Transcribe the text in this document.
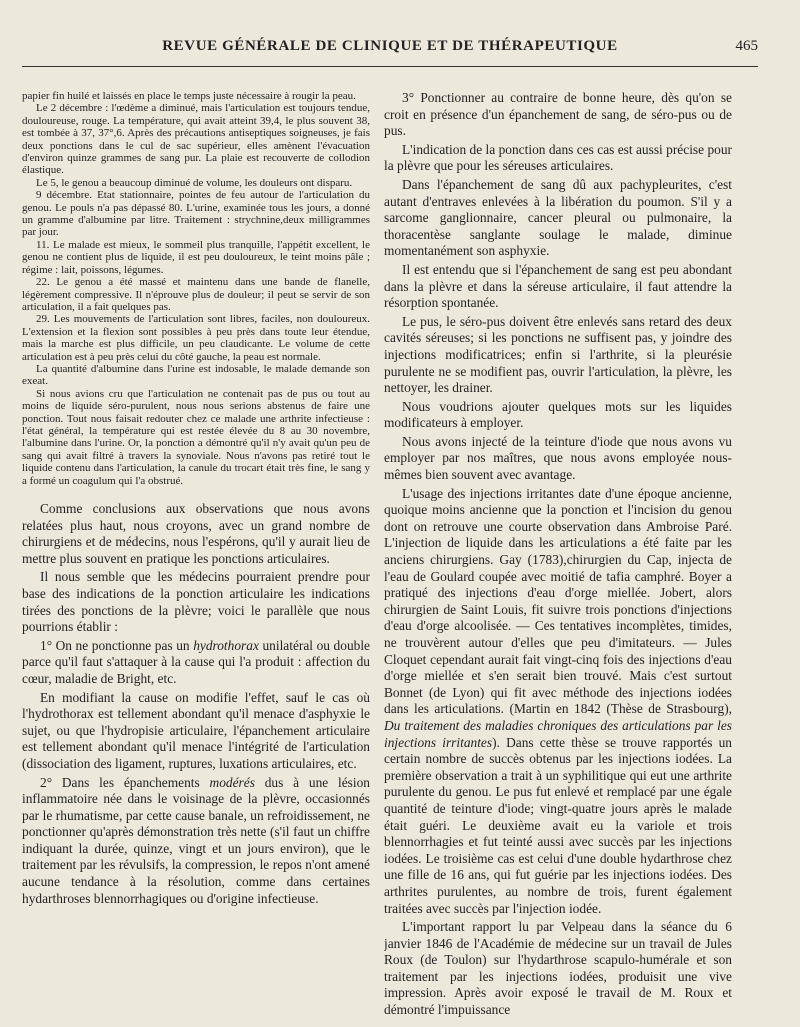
REVUE GÉNÉRALE DE CLINIQUE ET DE THÉRAPEUTIQUE	465

papier fin huilé et laissés en place le temps juste nécessaire à rougir la peau.

Le 2 décembre : l'œdème a diminué, mais l'articulation est toujours tendue, douloureuse, rouge. La température, qui avait atteint 39,4, le plus souvent 38, est tombée à 37, 37°,6. Après des précautions antiseptiques soigneuses, je fais deux ponctions dans le cul de sac supérieur, elles amènent l'évacuation d'environ quinze grammes de sang pur. La plaie est recouverte de collodion élastique.

Le 5, le genou a beaucoup diminué de volume, les douleurs ont disparu.

9 décembre. Etat stationnaire, pointes de feu autour de l'articulation du genou. Le pouls n'a pas dépassé 80. L'urine, examinée tous les jours, a donné un gramme d'albumine par litre. Traitement : strychnine,deux milligrammes par jour.

11. Le malade est mieux, le sommeil plus tranquille, l'appétit excellent, le genou ne contient plus de liquide, il est peu douloureux, le teint moins pâle ; régime : lait, poissons, légumes.

22. Le genou a été massé et maintenu dans une bande de flanelle, légèrement compressive. Il n'éprouve plus de douleur; il peut se servir de son articulation, il a fait quelques pas.

29. Les mouvements de l'articulation sont libres, faciles, non douloureux. L'extension et la flexion sont possibles à peu près dans toute leur étendue, mais la marche est plus difficile, un peu claudicante. Le volume de cette articulation est à peu près celui du côté gauche, la peau est normale.

La quantité d'albumine dans l'urine est indosable, le malade demande son exeat.

Si nous avions cru que l'articulation ne contenait pas de pus ou tout au moins de liquide séro-purulent, nous nous serions abstenus de faire une ponction. Tout nous faisait redouter chez ce malade une arthrite infectieuse : l'état général, la température qui est restée élevée du 8 au 30 novembre, l'albumine dans l'urine. Or, la ponction a démontré qu'il n'y avait qu'un peu de sang qui avait filtré à travers la synoviale. Nous n'avons pas retiré tout le liquide contenu dans l'articulation, la canule du trocart était très fine, le sang y a formé un coagulum qui l'a obstrué.

Comme conclusions aux observations que nous avons relatées plus haut, nous croyons, avec un grand nombre de chirurgiens et de médecins, nous l'espérons, qu'il y aurait lieu de mettre plus souvent en pratique les ponctions articulaires.

Il nous semble que les médecins pourraient prendre pour base des indications de la ponction articulaire les indications tirées des ponctions de la plèvre; voici le parallèle que nous pourrions établir :

1° On ne ponctionne pas un hydrothorax unilatéral ou double parce qu'il faut s'attaquer à la cause qui l'a produit : affection du cœur, maladie de Bright, etc.

En modifiant la cause on modifie l'effet, sauf le cas où l'hydrothorax est tellement abondant qu'il menace d'asphyxie le sujet, ou que l'hydropisie articulaire, l'épanchement articulaire est tellement abondant qu'il menace l'intégrité de l'articulation (dissociation des ligament, ruptures, luxations articulaires, etc.

2° Dans les épanchements modérés dus à une lésion inflammatoire née dans le voisinage de la plèvre, occasionnés par le rhumatisme, par cette cause banale, un refroidissement, ne ponctionner qu'après démonstration très nette (s'il faut un chiffre indiquant la durée, quinze, vingt et un jours environ), que le traitement par les révulsifs, la compression, le repos n'ont amené aucune tendance à la résolution, comme dans certaines hydarthroses blennorrhagiques ou d'origine infectieuse.

3° Ponctionner au contraire de bonne heure, dès qu'on se croit en présence d'un épanchement de sang, de séro-pus ou de pus.

L'indication de la ponction dans ces cas est aussi précise pour la plèvre que pour les séreuses articulaires.

Dans l'épanchement de sang dû aux pachypleurites, c'est autant d'entraves enlevées à la libération du poumon. S'il y a sarcome ganglionnaire, cancer pleural ou pulmonaire, la thoracentèse sanglante soulage le malade, diminue momentanément son asphyxie.

Il est entendu que si l'épanchement de sang est peu abondant dans la plèvre et dans la séreuse articulaire, il faut attendre la résorption spontanée.

Le pus, le séro-pus doivent être enlevés sans retard des deux cavités séreuses; si les ponctions ne suffisent pas, y joindre des injections modificatrices; enfin si l'arthrite, si la pleurésie purulente ne se modifient pas, ouvrir l'articulation, la plèvre, les nettoyer, les drainer.

Nous voudrions ajouter quelques mots sur les liquides modificateurs à employer.

Nous avons injecté de la teinture d'iode que nous avons vu employer par nos maîtres, que nous avons employée nous-mêmes bien souvent avec avantage.

L'usage des injections irritantes date d'une époque ancienne, quoique moins ancienne que la ponction et l'incision du genou dont on retrouve une courte observation dans Ambroise Paré. L'injection de liquide dans les articulations a été faite par les anciens chirurgiens. Gay (1783),chirurgien du Cap, injecta de l'eau de Goulard coupée avec moitié de tafia camphré. Boyer a pratiqué des injections d'eau d'orge miellée. Jobert, alors chirurgien de Saint Louis, fit suivre trois ponctions d'injections d'eau d'orge alcoolisée. — Ces tentatives incomplètes, timides, ne trouvèrent autour d'elles que peu d'imitateurs. — Jules Cloquet cependant aurait fait vingt-cinq fois des injections d'eau d'orge miellée et s'en serait bien trouvé. Mais c'est surtout Bonnet (de Lyon) qui fit avec méthode des injections iodées dans les articulations. (Martin en 1842 (Thèse de Strasbourg), Du traitement des maladies chroniques des articulations par les injections irritantes). Dans cette thèse se trouve rapportés un certain nombre de succès obtenus par les injections iodées. La première observation a trait à un syphilitique qui eut une arthrite purulente du genou. Le pus fut enlevé et remplacé par une égale quantité de teinture d'iode; vingt-quatre jours après le malade était guéri. Le deuxième avait eu la variole et trois blennorrhagies et fut teinté aussi avec succès par les injections iodées. Le troisième cas est celui d'une double hydarthrose chez une fille de 16 ans, qui fut guérie par les injections iodées. Des arthrites purulentes, au nombre de trois, furent également traitées avec succès par l'injection iodée.

L'important rapport lu par Velpeau dans la séance du 6 janvier 1846 de l'Académie de médecine sur un travail de Jules Roux (de Toulon) sur l'hydarthrose scapulo-humérale et son traitement par les injections iodées, produisit une vive impression. Après avoir exposé le travail de M. Roux et démontré l'impuissance
